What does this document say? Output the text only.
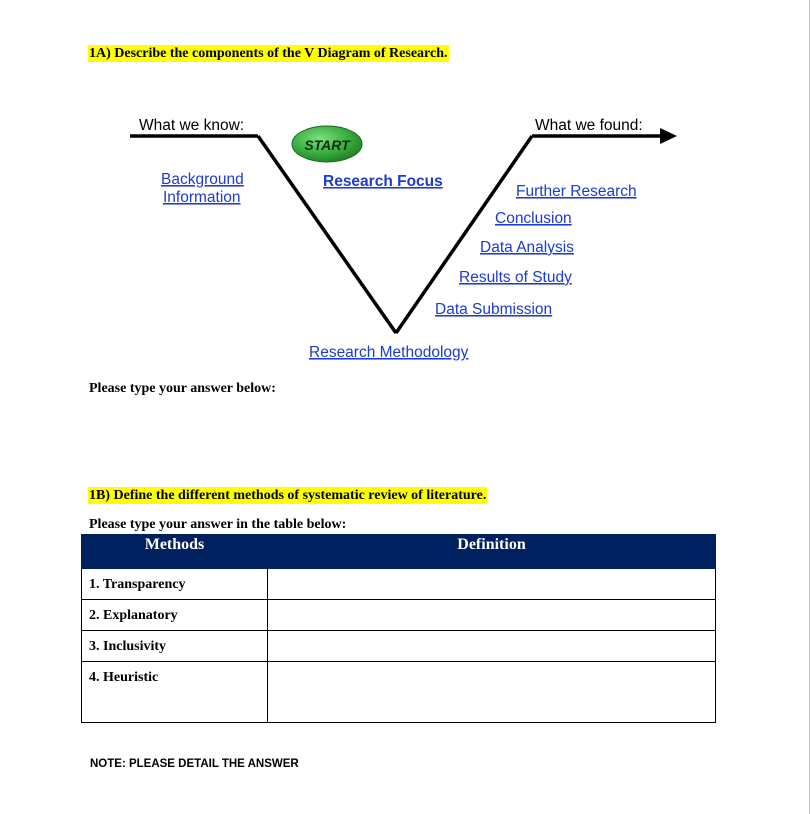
1A) Describe the components of the V Diagram of Research.
START
What we know:	What we found:
Background
Information
Research Focus
Further Research
Conclusion
Data Analysis
Results of Study
Data Submission
Research Methodology
Please type your answer below:
1B) Define the different methods of systematic review of literature.
Please type your answer in the table below:
Methods	Definition
1. Transparency	
2. Explanatory	
3. Inclusivity	
4. Heuristic	
NOTE: PLEASE DETAIL THE ANSWER
